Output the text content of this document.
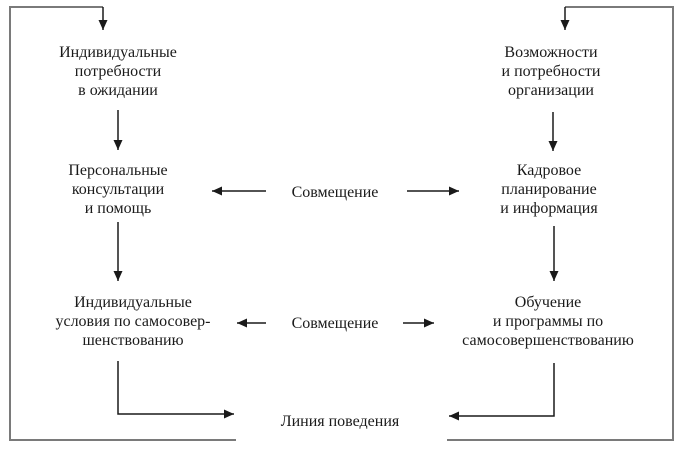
Индивидуальные
потребности
в ожидании
Возможности
и потребности
организации
Персональные
консультации
и помощь
Совмещение
Кадровое
планирование
и информация
Индивидуальные
условия по самосовер-
шенствованию
Совмещение
Обучение
и программы по
самосовершенствованию
Линия поведения
